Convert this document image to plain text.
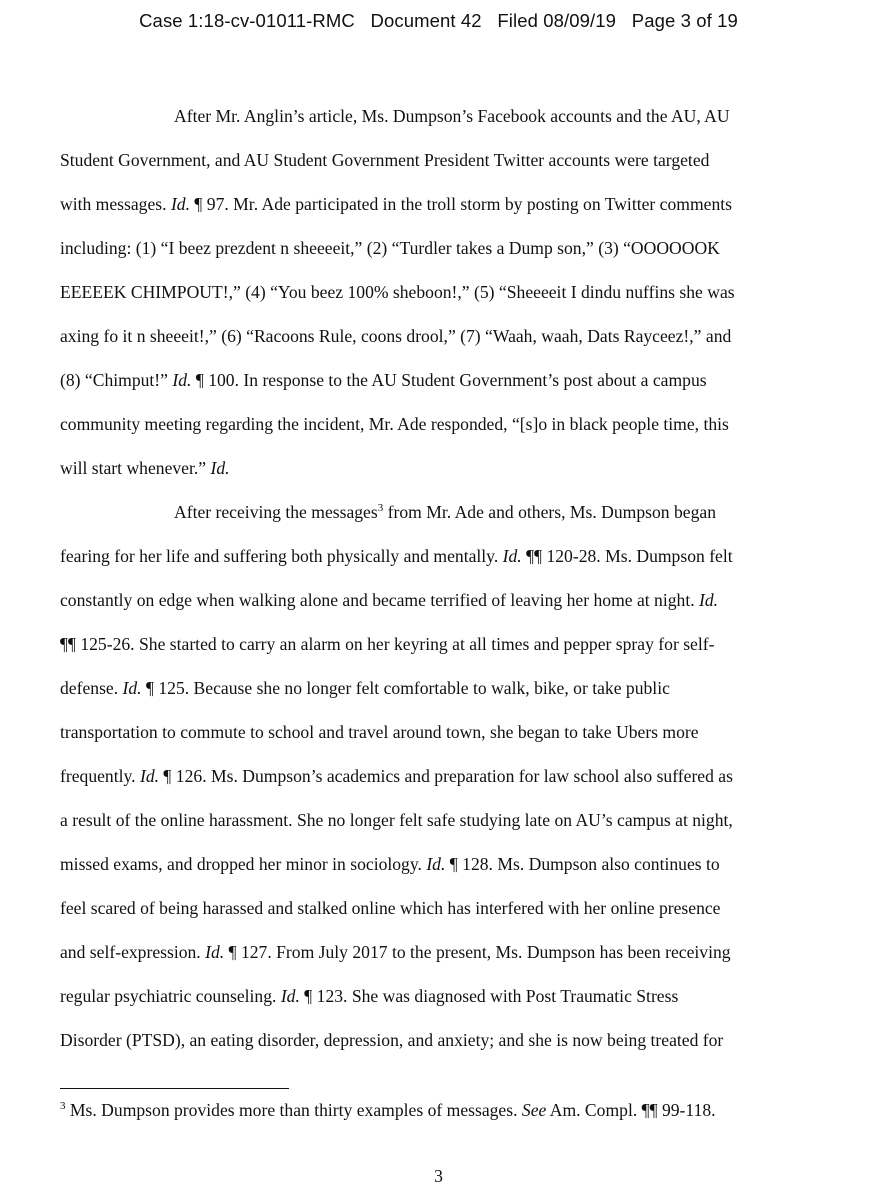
Case 1:18-cv-01011-RMC   Document 42   Filed 08/09/19   Page 3 of 19
After Mr. Anglin’s article, Ms. Dumpson’s Facebook accounts and the AU, AU
Student Government, and AU Student Government President Twitter accounts were targeted
with messages. Id. ¶ 97. Mr. Ade participated in the troll storm by posting on Twitter comments
including: (1) “I beez prezdent n sheeeeit,” (2) “Turdler takes a Dump son,” (3) “OOOOOOK
EEEEEK CHIMPOUT!,” (4) “You beez 100% sheboon!,” (5) “Sheeeeit I dindu nuffins she was
axing fo it n sheeeit!,” (6) “Racoons Rule, coons drool,” (7) “Waah, waah, Dats Rayceez!,” and
(8) “Chimput!” Id. ¶ 100. In response to the AU Student Government’s post about a campus
community meeting regarding the incident, Mr. Ade responded, “[s]o in black people time, this
will start whenever.” Id.
After receiving the messages$^3$ from Mr. Ade and others, Ms. Dumpson began
fearing for her life and suffering both physically and mentally. Id. ¶¶ 120-28. Ms. Dumpson felt
constantly on edge when walking alone and became terrified of leaving her home at night. Id.
¶¶ 125-26. She started to carry an alarm on her keyring at all times and pepper spray for self-
defense. Id. ¶ 125. Because she no longer felt comfortable to walk, bike, or take public
transportation to commute to school and travel around town, she began to take Ubers more
frequently. Id. ¶ 126. Ms. Dumpson’s academics and preparation for law school also suffered as
a result of the online harassment. She no longer felt safe studying late on AU’s campus at night,
missed exams, and dropped her minor in sociology. Id. ¶ 128. Ms. Dumpson also continues to
feel scared of being harassed and stalked online which has interfered with her online presence
and self-expression. Id. ¶ 127. From July 2017 to the present, Ms. Dumpson has been receiving
regular psychiatric counseling. Id. ¶ 123. She was diagnosed with Post Traumatic Stress
Disorder (PTSD), an eating disorder, depression, and anxiety; and she is now being treated for
$^3$ Ms. Dumpson provides more than thirty examples of messages. See Am. Compl. ¶¶ 99-118.
3
